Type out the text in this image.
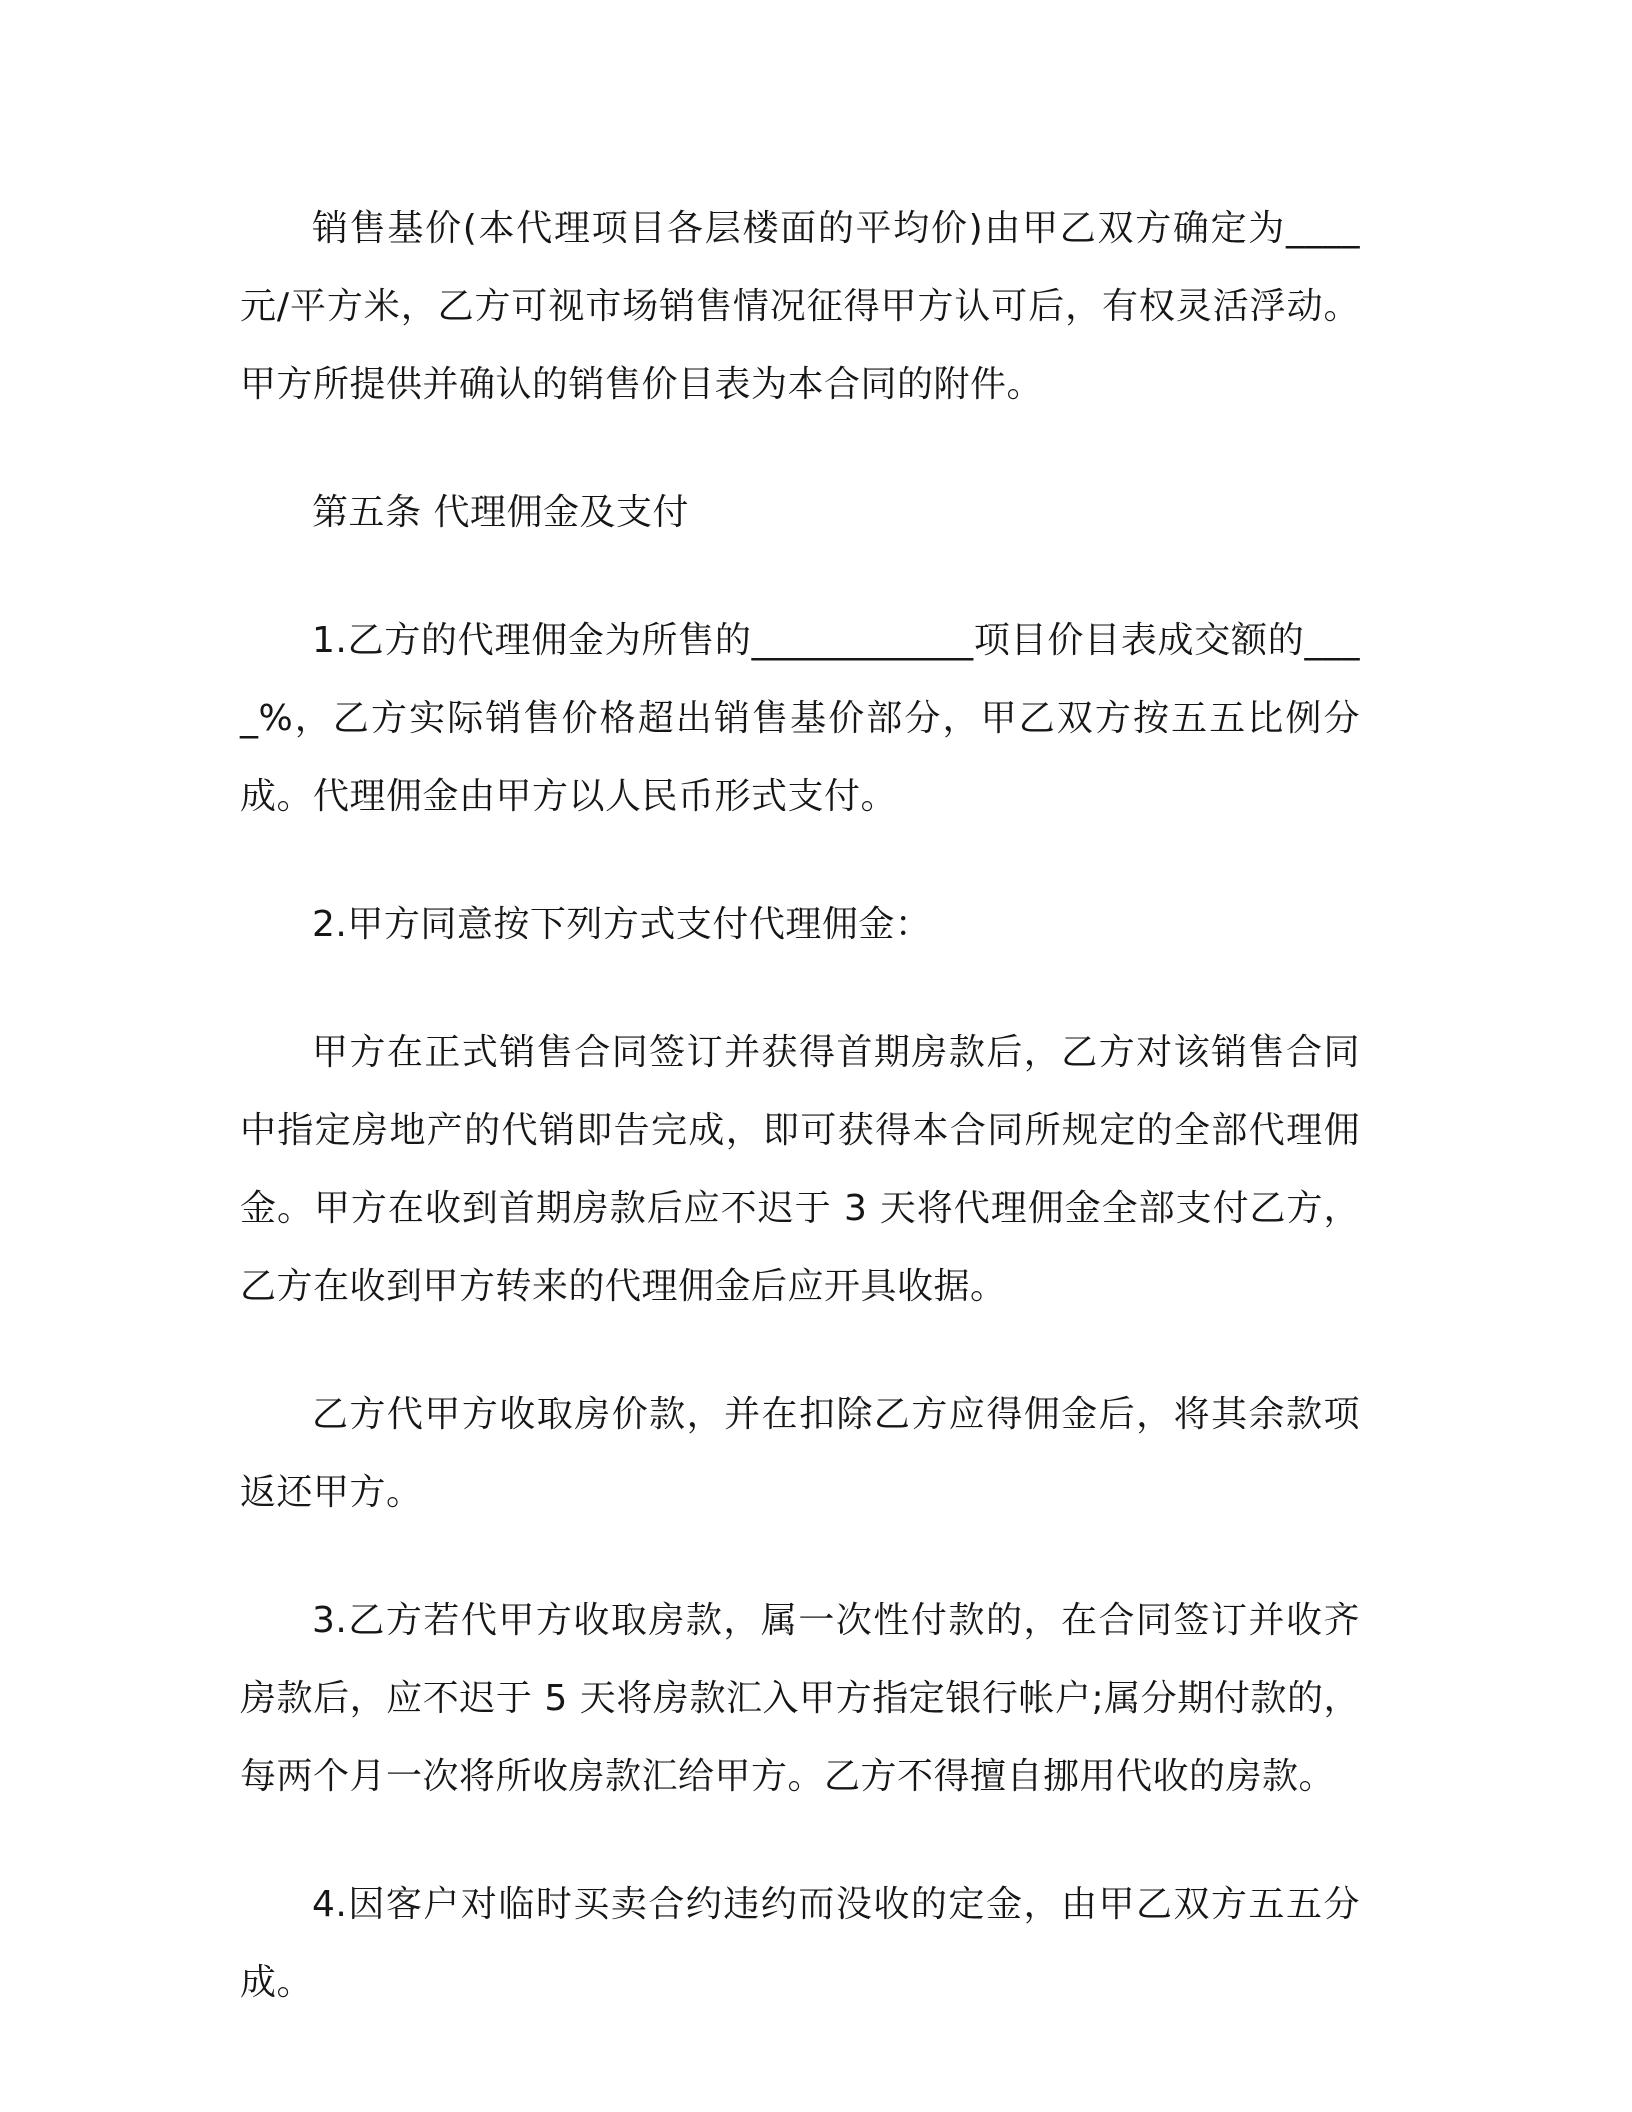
销售基价(本代理项目各层楼面的平均价)由甲乙双方确定为____元/平方米，乙方可视市场销售情况征得甲方认可后，有权灵活浮动。甲方所提供并确认的销售价目表为本合同的附件。

第五条 代理佣金及支付

1.乙方的代理佣金为所售的____________项目价目表成交额的____%，乙方实际销售价格超出销售基价部分，甲乙双方按五五比例分成。代理佣金由甲方以人民币形式支付。

2.甲方同意按下列方式支付代理佣金：

甲方在正式销售合同签订并获得首期房款后，乙方对该销售合同中指定房地产的代销即告完成，即可获得本合同所规定的全部代理佣金。甲方在收到首期房款后应不迟于 3 天将代理佣金全部支付乙方，乙方在收到甲方转来的代理佣金后应开具收据。

乙方代甲方收取房价款，并在扣除乙方应得佣金后，将其余款项返还甲方。

3.乙方若代甲方收取房款，属一次性付款的，在合同签订并收齐房款后，应不迟于 5 天将房款汇入甲方指定银行帐户;属分期付款的，每两个月一次将所收房款汇给甲方。乙方不得擅自挪用代收的房款。

4.因客户对临时买卖合约违约而没收的定金，由甲乙双方五五分成。
